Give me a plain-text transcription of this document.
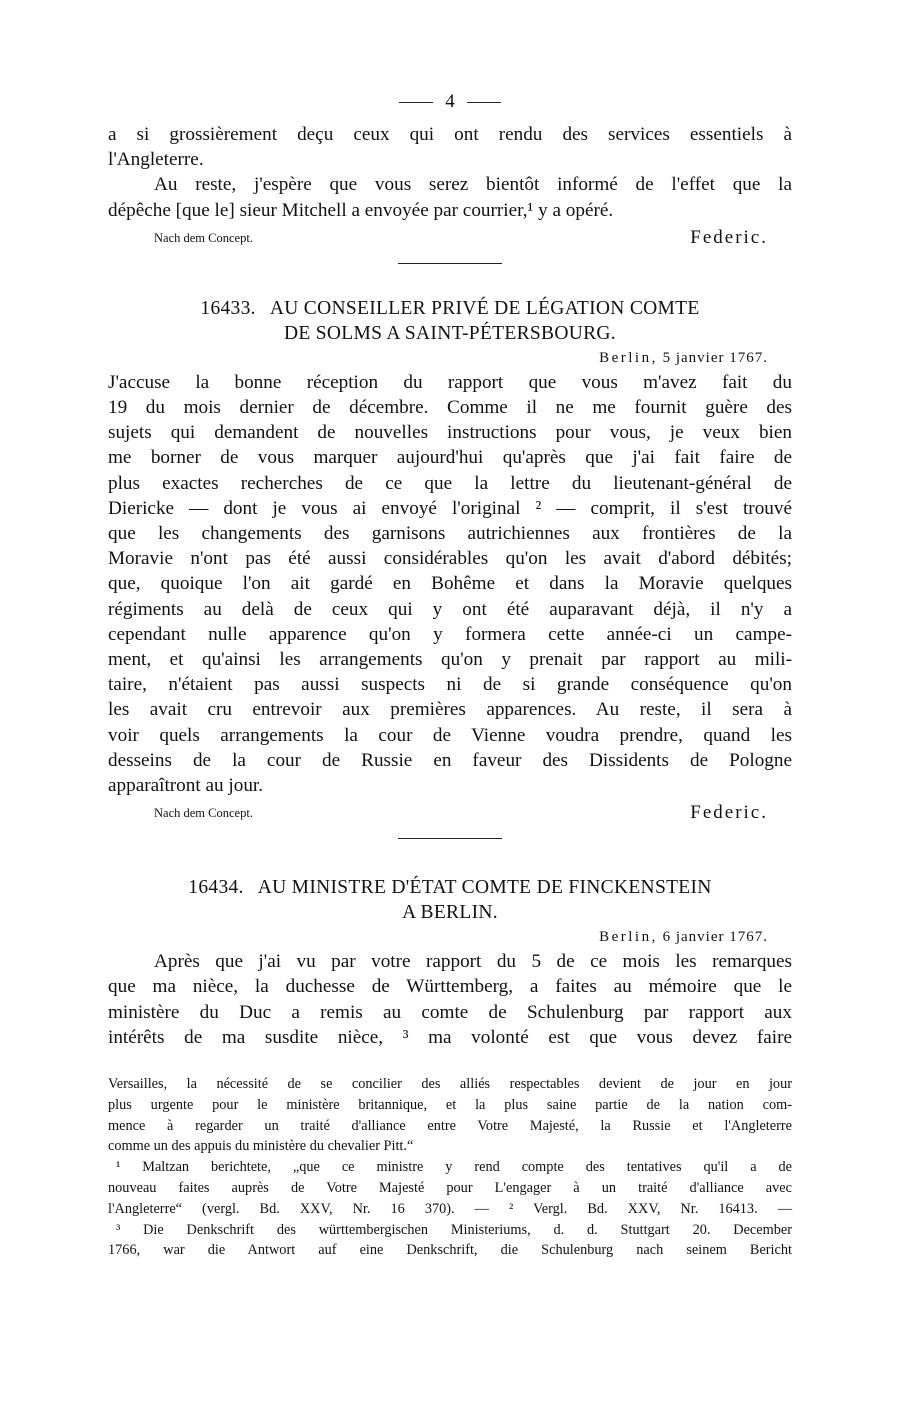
4
a si grossièrement deçu ceux qui ont rendu des services essentiels à
l'Angleterre.
Au reste, j'espère que vous serez bientôt informé de l'effet que la
dépêche [que le] sieur Mitchell a envoyée par courrier,¹ y a opéré.
Nach dem Concept.	Federic.
16433. AU CONSEILLER PRIVÉ DE LÉGATION COMTE
DE SOLMS A SAINT-PÉTERSBOURG.
Berlin, 5 janvier 1767.
J'accuse la bonne réception du rapport que vous m'avez fait du
19 du mois dernier de décembre. Comme il ne me fournit guère des
sujets qui demandent de nouvelles instructions pour vous, je veux bien
me borner de vous marquer aujourd'hui qu'après que j'ai fait faire de
plus exactes recherches de ce que la lettre du lieutenant-général de
Diericke — dont je vous ai envoyé l'original ² — comprit, il s'est trouvé
que les changements des garnisons autrichiennes aux frontières de la
Moravie n'ont pas été aussi considérables qu'on les avait d'abord débités;
que, quoique l'on ait gardé en Bohême et dans la Moravie quelques
régiments au delà de ceux qui y ont été auparavant déjà, il n'y a
cependant nulle apparence qu'on y formera cette année-ci un campe-
ment, et qu'ainsi les arrangements qu'on y prenait par rapport au mili-
taire, n'étaient pas aussi suspects ni de si grande conséquence qu'on
les avait cru entrevoir aux premières apparences. Au reste, il sera à
voir quels arrangements la cour de Vienne voudra prendre, quand les
desseins de la cour de Russie en faveur des Dissidents de Pologne
apparaîtront au jour.
Nach dem Concept.	Federic.
16434. AU MINISTRE D'ÉTAT COMTE DE FINCKENSTEIN
A BERLIN.
Berlin, 6 janvier 1767.
Après que j'ai vu par votre rapport du 5 de ce mois les remarques
que ma nièce, la duchesse de Württemberg, a faites au mémoire que le
ministère du Duc a remis au comte de Schulenburg par rapport aux
intérêts de ma susdite nièce, ³ ma volonté est que vous devez faire
Versailles, la nécessité de se concilier des alliés respectables devient de jour en jour
plus urgente pour le ministère britannique, et la plus saine partie de la nation com-
mence à regarder un traité d'alliance entre Votre Majesté, la Russie et l'Angleterre
comme un des appuis du ministère du chevalier Pitt.“
¹ Maltzan berichtete, „que ce ministre y rend compte des tentatives qu'il a de
nouveau faites auprès de Votre Majesté pour L'engager à un traité d'alliance avec
l'Angleterre“ (vergl. Bd. XXV, Nr. 16 370). — ² Vergl. Bd. XXV, Nr. 16413. —
³ Die Denkschrift des württembergischen Ministeriums, d. d. Stuttgart 20. December
1766, war die Antwort auf eine Denkschrift, die Schulenburg nach seinem Bericht
